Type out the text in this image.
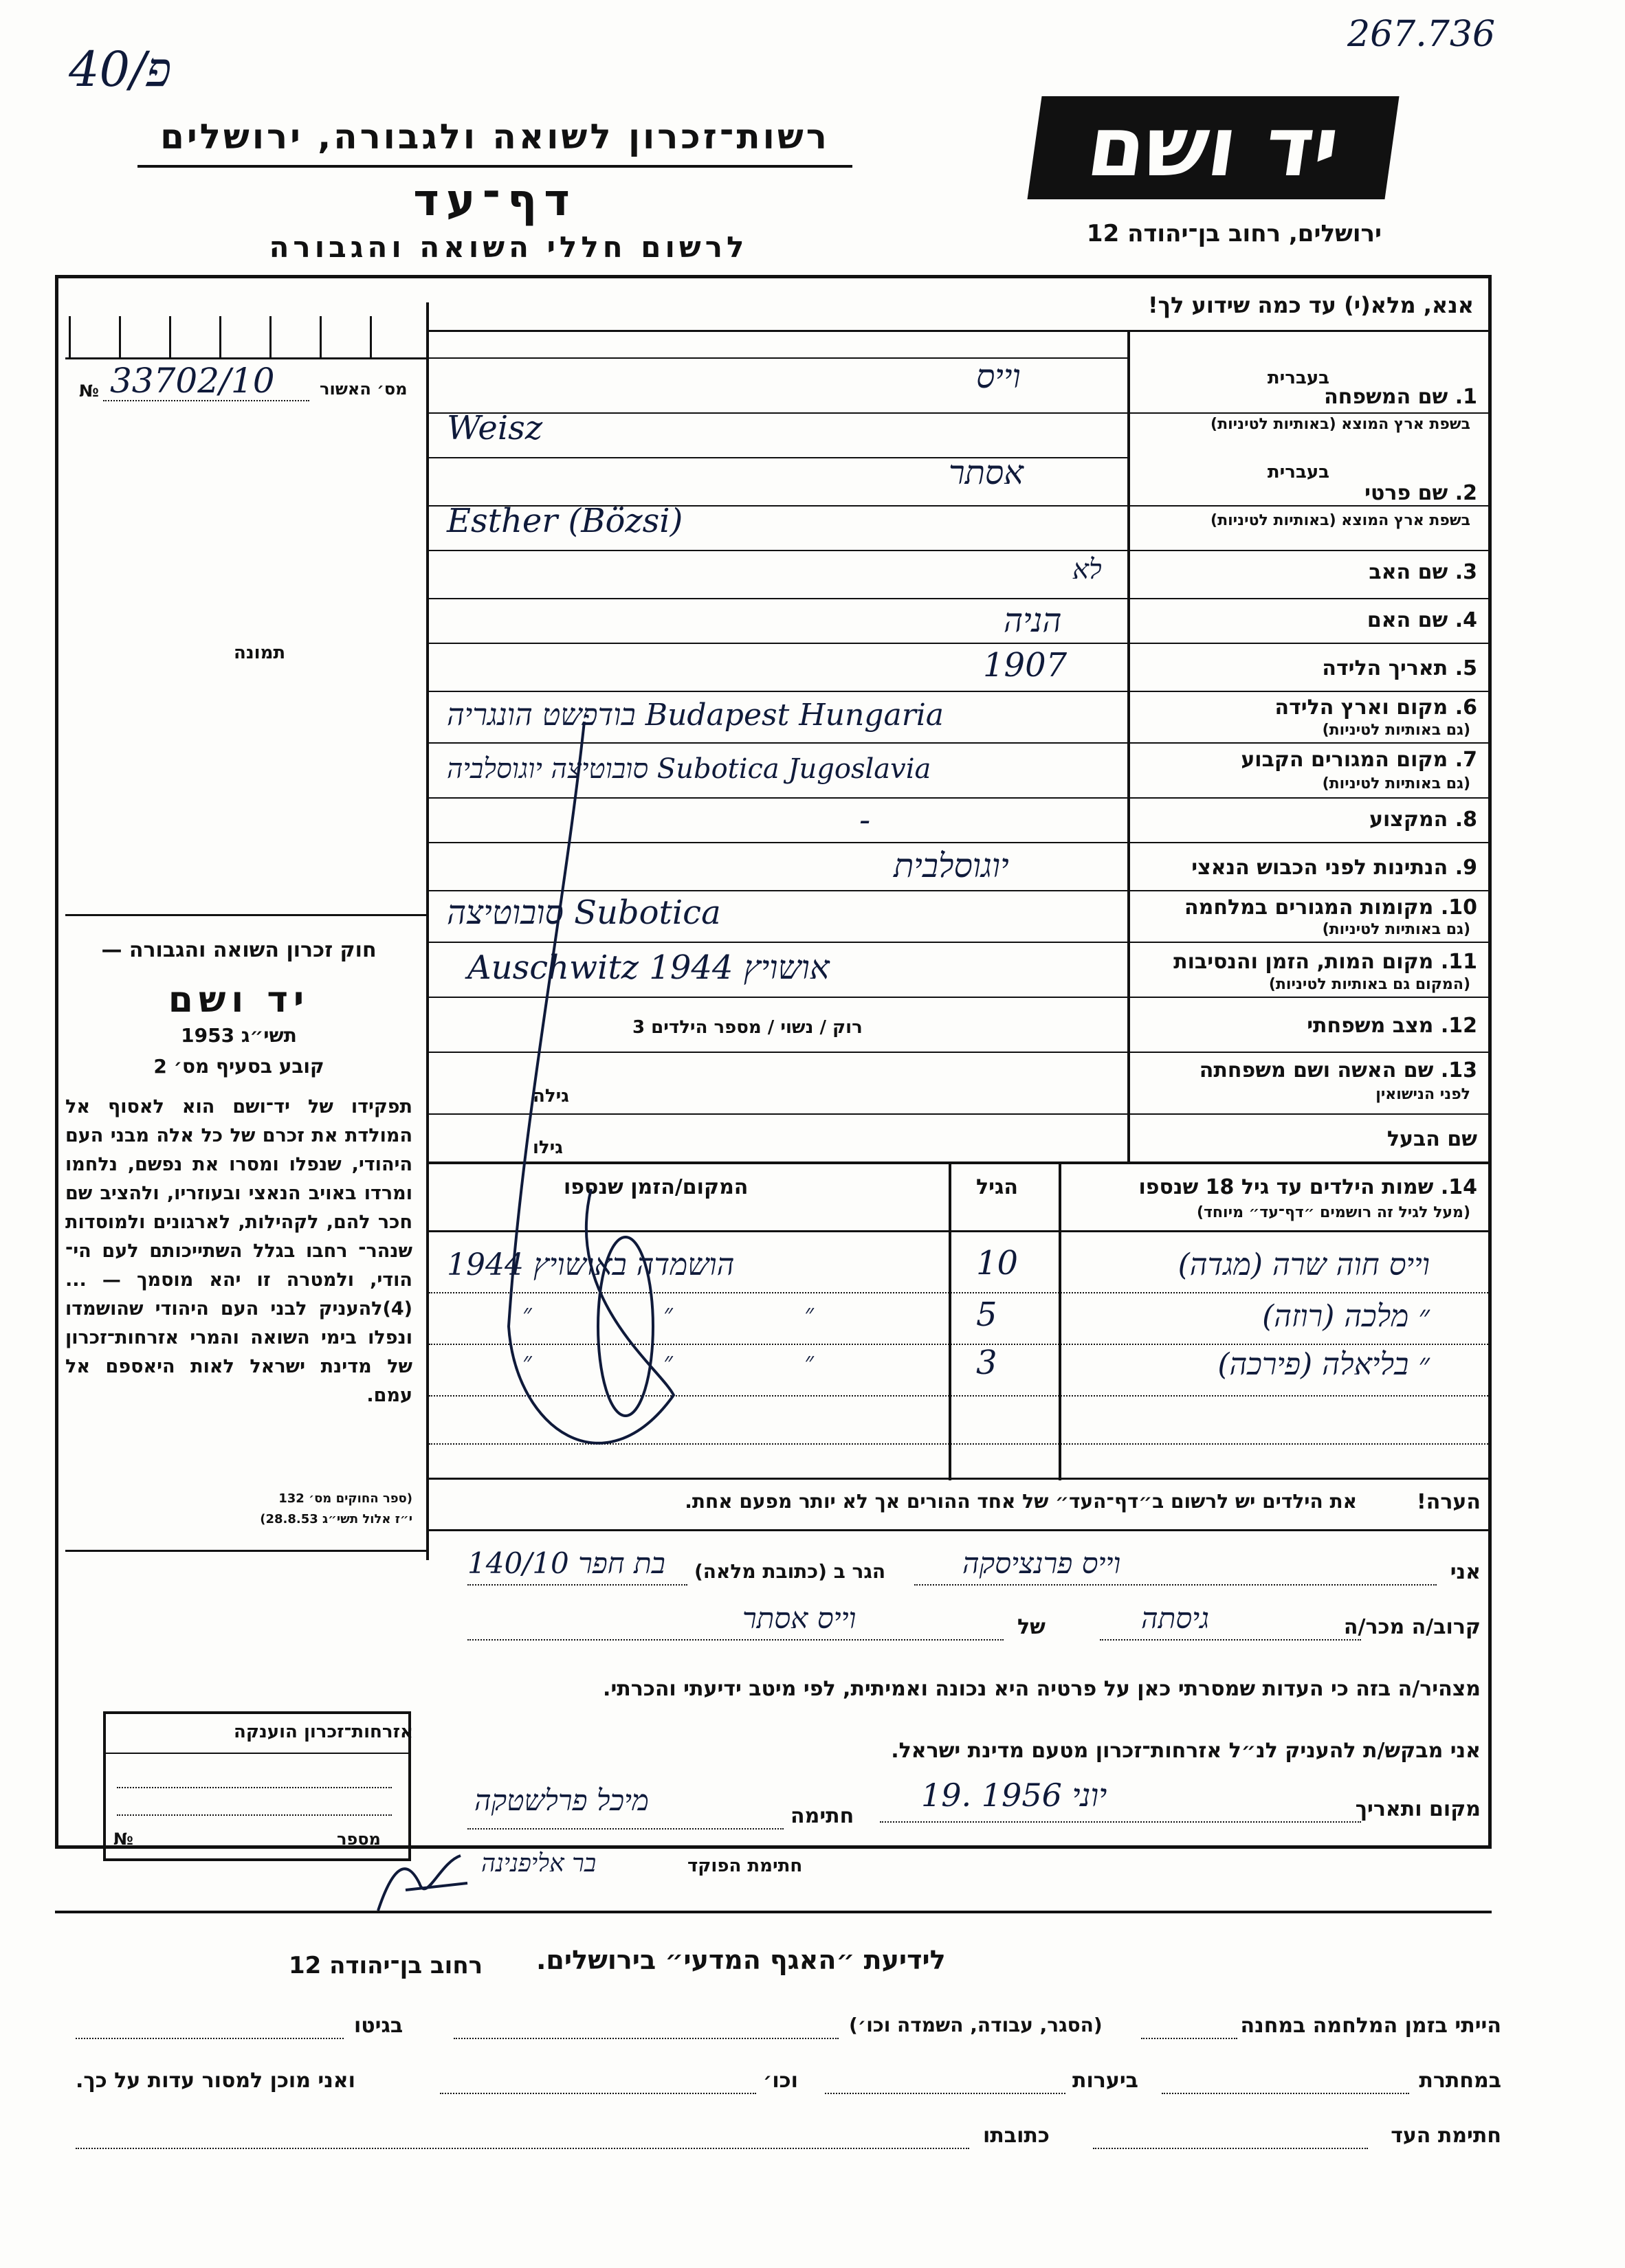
40/פ
267.736
רשות־זכרון לשואה ולגבורה, ירושלים
דף־עד
לרשום חללי השואה והגבורה
יד ושם
ירושלים, רחוב בן־יהודה 12
אנא, מלא(י) עד כמה שידוע לך!
מס׳ האשור
№ 33702/10
תמונה
חוק זכרון השואה והגבורה —
יד ושם
תשי״ג 1953
קובע בסעיף מס׳ 2
תפקידו של יד־ושם הוא לאסוף אל המולדת את זכרם של כל אלה מבני העם היהודי, שנפלו ומסרו את נפשם, נלחמו ומרדו באויב הנאצי ובעוזריו, ולהציב שם חכר להם, לקהילות, לארגונים ולמוסדות שנהר־ רחבו בגלל השתייכותם לעם הי־ הודי, ולמטרה זו יהא מוסמך — ...(4)להעניק לבני העם היהודי שהושמדו ונפלו בימי השואה והמרי אזרחות־זכרון של מדינת ישראל לאות היאספם אל עמם.
(ספר החוקים מס׳ 132
י״ז אלול תשי״ג 28.8.53)
1. שם המשפחה
בעברית
בשפת ארץ המוצא (באותיות לטיניות)
וייס
Weisz
2. שם פרטי
בעברית
בשפת ארץ המוצא (באותיות לטיניות)
אסתר
Esther (Bözsi)
3. שם האב
לא
4. שם האם
הניה
5. תאריך הלידה
1907
6. מקום וארץ הלידה
(גם באותיות לטיניות)
בודפשט הונגריה Budapest Hungaria
7. מקום המגורים הקבוע
(גם באותיות לטיניות)
סובוטיצה יוגוסלביה Subotica Jugoslavia
8. המקצוע
-
9. הנתינות לפני הכבוש הנאצי
יוגוסלבית
10. מקומות המגורים במלחמה
(גם באותיות לטיניות)
סובוטיצה Subotica
11. מקום המות, הזמן והנסיבות
(המקום גם באותיות לטיניות)
Auschwitz 1944 אושויץ
12. מצב משפחתי
רוק / נשוי / מספר הילדים 3
13. שם האשה ושם משפחתה
לפני הנישואין
גילה
שם הבעל
גילו
14. שמות הילדים עד גיל 18 שנספו
(מעל לגיל זה רושמים ״דף־עד״ מיוחד)
הגיל
המקום/הזמן שנספו
וייס חוה שרה (מגדה)
10
1944 הושמדה באושויץ
״ מלכה (רוזה)
5
״ ״ ״
״ בליאלה (פירכה)
3
״ ״ ״
הערה!
את הילדים יש לרשום ב״דף־העד״ של אחד ההורים אך לא יותר מפעם אחת.
אני
וייס פרנציסקה
הגר ב (כתובת מלאה)
בת חפר 140/10
קרוב/ה מכר/ה
גיסתה
של
וייס אסתר
מצהיר/ה בזה כי העדות שמסרתי כאן על פרטיה היא נכונה ואמיתית, לפי מיטב ידיעתי והכרתי.
אני מבקש/ת להעניק לנ״ל אזרחות־זכרון מטעם מדינת ישראל.
מקום ותאריך
19. יוני 1956
חתימה
מיכל פרלשטקה
חתימת הפוקד
בר אליפנינה
אזרחות־זכרון הוענקה
מספר
№
לידיעת ״האגף המדעי״ בירושלים.
רחוב בן־יהודה 12
הייתי בזמן המלחמה במחנה
(הסגר, עבודה, השמדה וכו׳)
בגיטו
במחתרת
ביערות
וכו׳
ואני מוכן למסור עדות על כך.
חתימת העד
כתובתו
